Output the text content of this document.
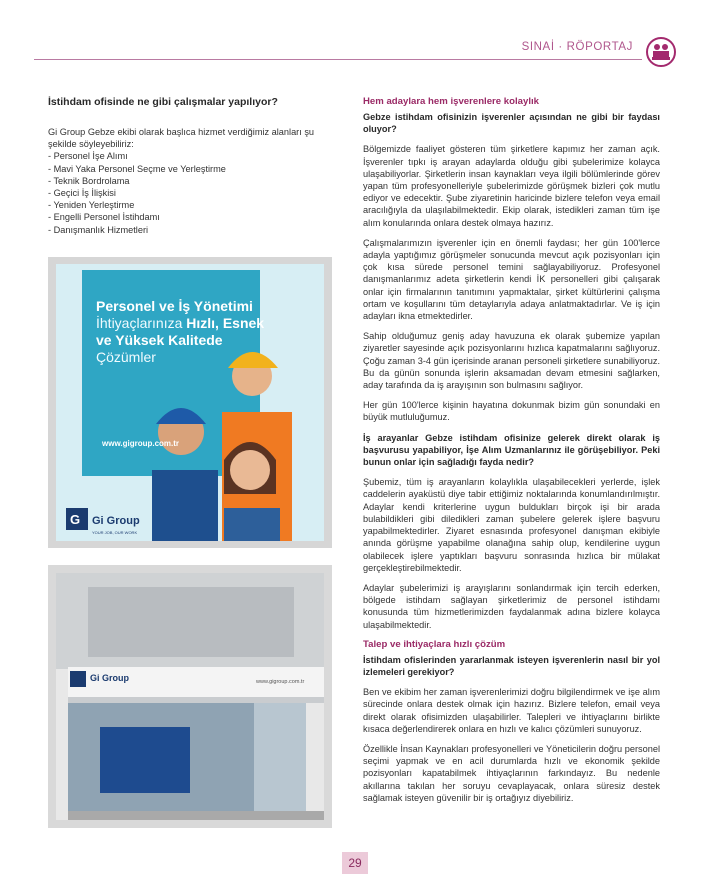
SINAİ · RÖPORTAJ
İstihdam ofisinde ne gibi çalışmalar yapılıyor?
Gi Group Gebze ekibi olarak başlıca hizmet verdiğimiz alanları şu şekilde söyleyebiliriz:
- Personel İşe Alımı
- Mavi Yaka Personel Seçme ve Yerleştirme
- Teknik Bordrolama
- Geçici İş İlişkisi
- Yeniden Yerleştirme
- Engelli Personel İstihdamı
- Danışmanlık Hizmetleri
G
Personel ve İş Yönetimi
İhtiyaçlarınıza Hızlı, Esnek
ve Yüksek Kalitede
Çözümler
www.gigroup.com.tr
Gi Group
YOUR JOB, OUR WORK
Gi Group	www.gigroup.com.tr
Hem adaylara hem işverenlere kolaylık

Gebze istihdam ofisinizin işverenler açısından ne gibi bir faydası oluyor?

Bölgemizde faaliyet gösteren tüm şirketlere kapımız her zaman açık. İşverenler tıpkı iş arayan adaylarda olduğu gibi şubelerimize kolayca ulaşabiliyorlar. Şirketlerin insan kaynakları veya ilgili bölümlerinde görev yapan tüm profesyonelleriyle şubelerimizde görüşmek bizleri çok mutlu ediyor ve edecektir. Şube ziyaretinin haricinde bizlere telefon veya email aracılığıyla da ulaşılabilmektedir. Ekip olarak, istedikleri zaman tüm işe alım konularında onlara destek olmaya hazırız.

Çalışmalarımızın işverenler için en önemli faydası; her gün 100'lerce adayla yaptığımız görüşmeler sonucunda mevcut açık pozisyonları için çok kısa sürede personel temini sağlayabiliyoruz. Profesyonel danışmanlarımız adeta şirketlerin kendi İK personelleri gibi çalışarak onlar için firmalarının tanıtımını yapmaktalar, şirket kültürlerini çalışma ortam ve koşullarını tüm detaylarıyla adaya anlatmaktadırlar. Ve iş için adayları ikna etmektedirler.

Sahip olduğumuz geniş aday havuzuna ek olarak şubemize yapılan ziyaretler sayesinde açık pozisyonlarını hızlıca kapatmalarını sağlıyoruz. Çoğu zaman 3-4 gün içerisinde aranan personeli şirketlere sunabiliyoruz. Bu da günün sonunda işlerin aksamadan devam etmesini sağlarken, aday tarafında da iş arayışının son bulmasını sağlıyor.

Her gün 100'lerce kişinin hayatına dokunmak bizim gün sonundaki en büyük mutluluğumuz.

İş arayanlar Gebze istihdam ofisinize gelerek direkt olarak iş başvurusu yapabiliyor, İşe Alım Uzmanlarınız ile görüşebiliyor. Peki bunun onlar için sağladığı fayda nedir?

Şubemiz, tüm iş arayanların kolaylıkla ulaşabilecekleri yerlerde, işlek caddelerin ayaküstü diye tabir ettiğimiz noktalarında konumlandırılmıştır. Adaylar kendi kriterlerine uygun buldukları birçok işi bir arada bulabildikleri gibi diledikleri zaman şubelere gelerek işlere başvuru yapabilmektedirler. Ziyaret esnasında profesyonel danışman ekibiyle anında görüşme yapabilme olanağına sahip olup, kendilerine uygun olabilecek işlere yaptıkları başvuru sonrasında hızlıca bir mülakat gerçekleştirebilmektedir.

Adaylar şubelerimizi iş arayışlarını sonlandırmak için tercih ederken, bölgede istihdam sağlayan şirketlerimiz de personel istihdamı konusunda tüm hizmetlerimizden faydalanmak adına bizlere kolayca ulaşabilmektedir.

Talep ve ihtiyaçlara hızlı çözüm

İstihdam ofislerinden yararlanmak isteyen işverenlerin nasıl bir yol izlemeleri gerekiyor?

Ben ve ekibim her zaman işverenlerimizi doğru bilgilendirmek ve işe alım sürecinde onlara destek olmak için hazırız. Bizlere telefon, email veya direkt olarak ofisimizden ulaşabilirler. Talepleri ve ihtiyaçlarını birlikte kısaca değerlendirerek onlara en hızlı ve kalıcı çözümleri sunuyoruz.

Özellikle İnsan Kaynakları profesyonelleri ve Yöneticilerin doğru personel seçimi yapmak ve en acil durumlarda hızlı ve ekonomik şekilde pozisyonları kapatabilmek ihtiyaçlarının farkındayız. Bu nedenle akıllarına takılan her soruyu cevaplayacak, onlara süresiz destek sağlamak isteyen güvenilir bir iş ortağıyız diyebiliriz.

29
